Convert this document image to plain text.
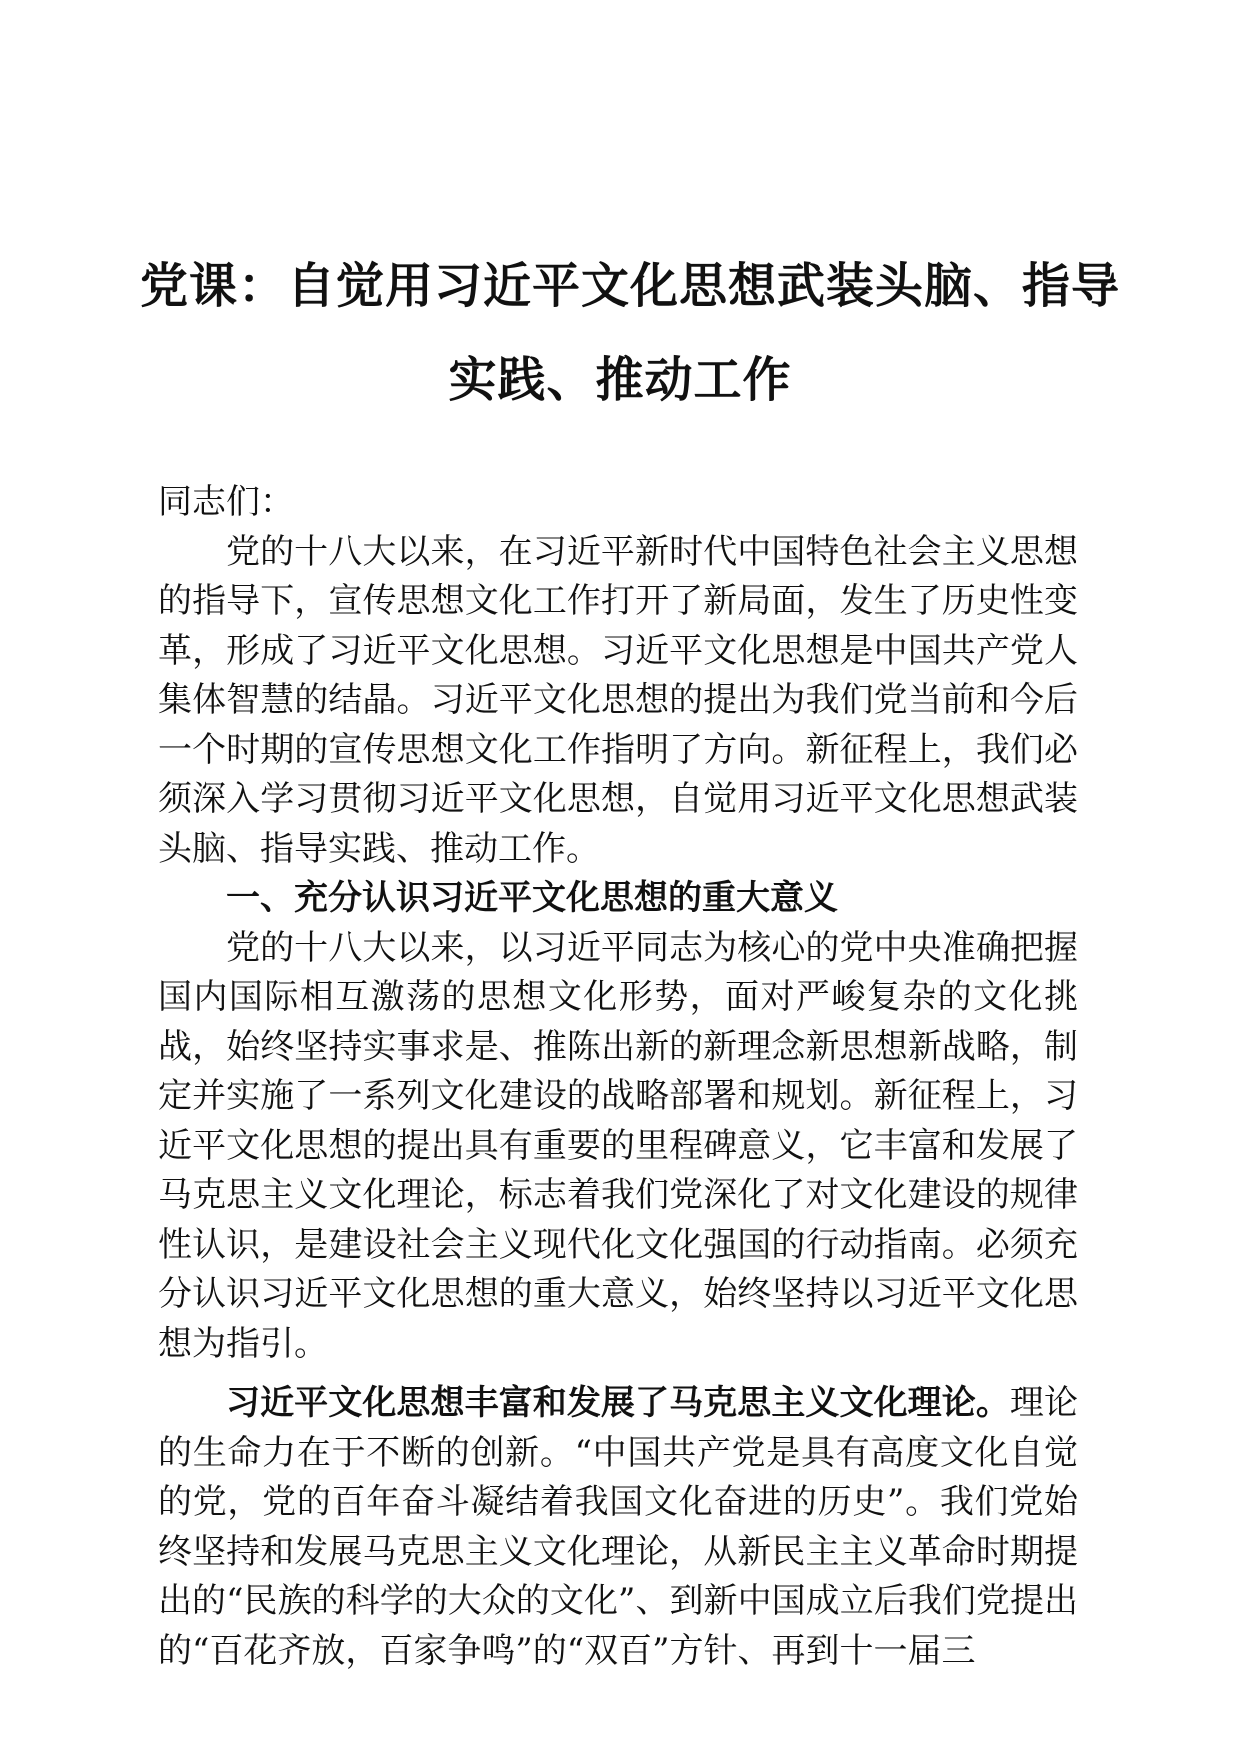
党课：自觉用习近平文化思想武装头脑、指导
实践、推动工作

同志们：

党的十八大以来，在习近平新时代中国特色社会主义思想的指导下，宣传思想文化工作打开了新局面，发生了历史性变革，形成了习近平文化思想。习近平文化思想是中国共产党人集体智慧的结晶。习近平文化思想的提出为我们党当前和今后一个时期的宣传思想文化工作指明了方向。新征程上，我们必须深入学习贯彻习近平文化思想，自觉用习近平文化思想武装头脑、指导实践、推动工作。

一、充分认识习近平文化思想的重大意义

党的十八大以来，以习近平同志为核心的党中央准确把握国内国际相互激荡的思想文化形势，面对严峻复杂的文化挑战，始终坚持实事求是、推陈出新的新理念新思想新战略，制定并实施了一系列文化建设的战略部署和规划。新征程上，习近平文化思想的提出具有重要的里程碑意义，它丰富和发展了马克思主义文化理论，标志着我们党深化了对文化建设的规律性认识，是建设社会主义现代化文化强国的行动指南。必须充分认识习近平文化思想的重大意义，始终坚持以习近平文化思想为指引。

习近平文化思想丰富和发展了马克思主义文化理论。理论的生命力在于不断的创新。“中国共产党是具有高度文化自觉的党，党的百年奋斗凝结着我国文化奋进的历史”。我们党始终坚持和发展马克思主义文化理论，从新民主主义革命时期提出的“民族的科学的大众的文化”、到新中国成立后我们党提出的“百花齐放，百家争鸣”的“双百”方针、再到十一届三
